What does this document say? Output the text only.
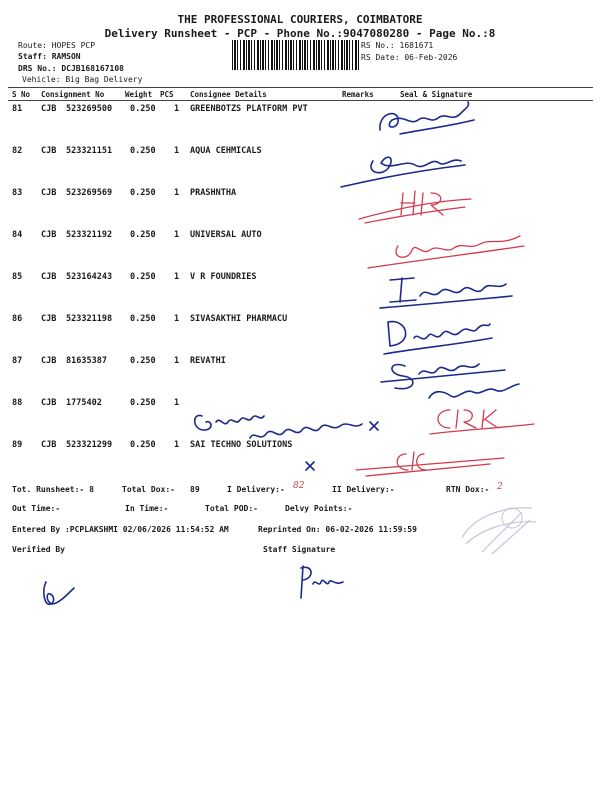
THE PROFESSIONAL COURIERS, COIMBATORE
Delivery Runsheet - PCP - Phone No.:9047080280 - Page No.:8
Route: HOPES PCP
Staff: RAMSON
DRS No.: DCJB168167108
Vehicle: Big Bag Delivery
RS No.: 1681671
RS Date: 06-Feb-2026
S No Consignment No	Weight PCS Consignee Details	Remarks	Seal & Signature
81 CJB 523269500 0.250 1 GREENBOTZS PLATFORM PVT
82 CJB 523321151 0.250 1 AQUA CEHMICALS
83 CJB 523269569 0.250 1 PRASHNTHA
84 CJB 523321192 0.250 1 UNIVERSAL AUTO
85 CJB 523164243 0.250 1 V R FOUNDRIES
86 CJB 523321198 0.250 1 SIVASAKTHI PHARMACU
87 CJB 81635387	0.250 1 REVATHI
88 CJB 1775402	0.250 1
89 CJB 523321299 0.250 1 SAI TECHNO SOLUTIONS
Tot. Runsheet:- 8	Total Dox:- 89	I Delivery:- 82	II Delivery:-	RTN Dox:- 2
Out Time:-	In Time:-	Total POD:-	Delvy Points:-
Entered By :PCPLAKSHMI 02/06/2026 11:54:52 AM	Reprinted On: 06-02-2026 11:59:59
Verified By	Staff Signature
